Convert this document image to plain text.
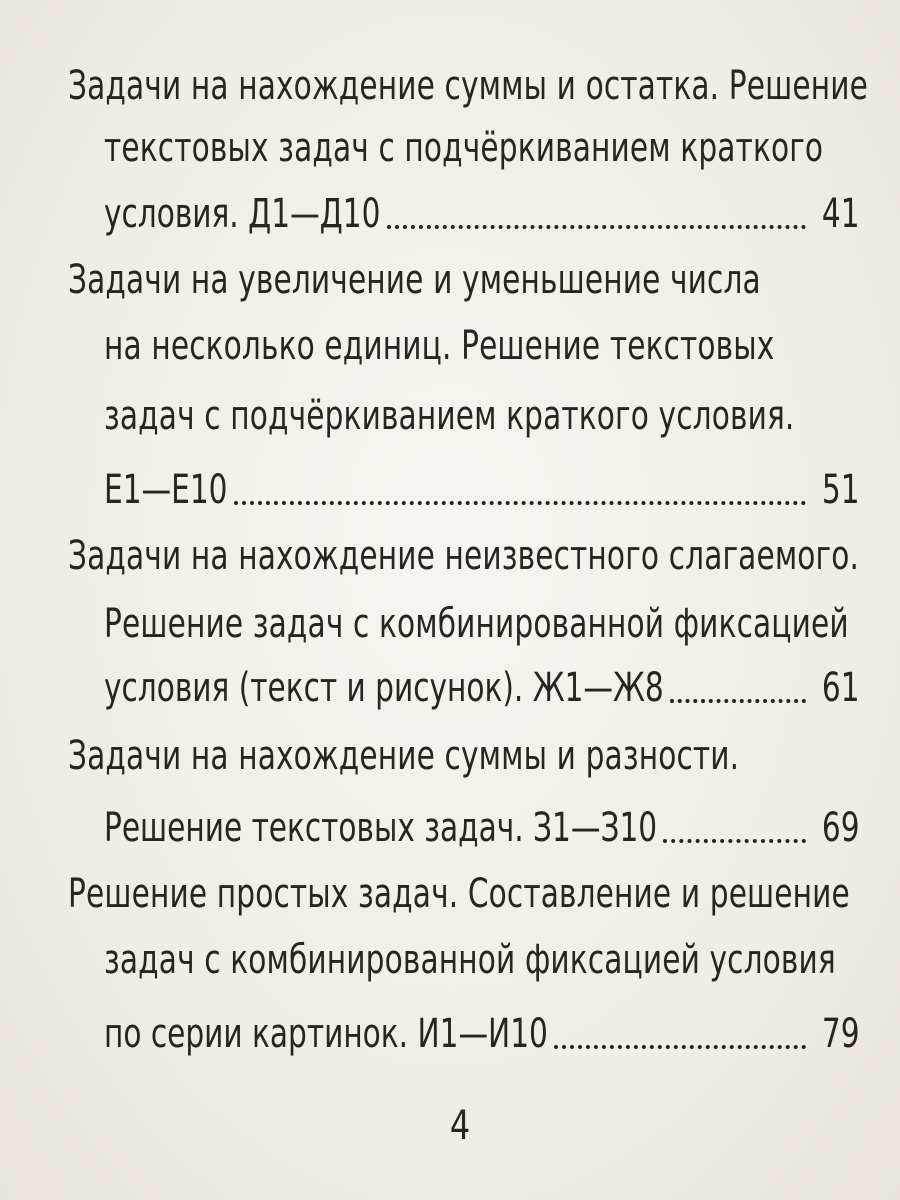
Задачи на нахождение суммы и остатка. Решение
текстовых задач с подчёркиванием краткого
условия. Д1—Д10	41
Задачи на увеличение и уменьшение числа
на несколько единиц. Решение текстовых
задач с подчёркиванием краткого условия.
Е1—Е10	51
Задачи на нахождение неизвестного слагаемого.
Решение задач с комбинированной фиксацией
условия (текст и рисунок). Ж1—Ж8	61
Задачи на нахождение суммы и разности.
Решение текстовых задач. З1—З10	69
Решение простых задач. Составление и решение
задач с комбинированной фиксацией условия
по серии картинок. И1—И10	79
4
